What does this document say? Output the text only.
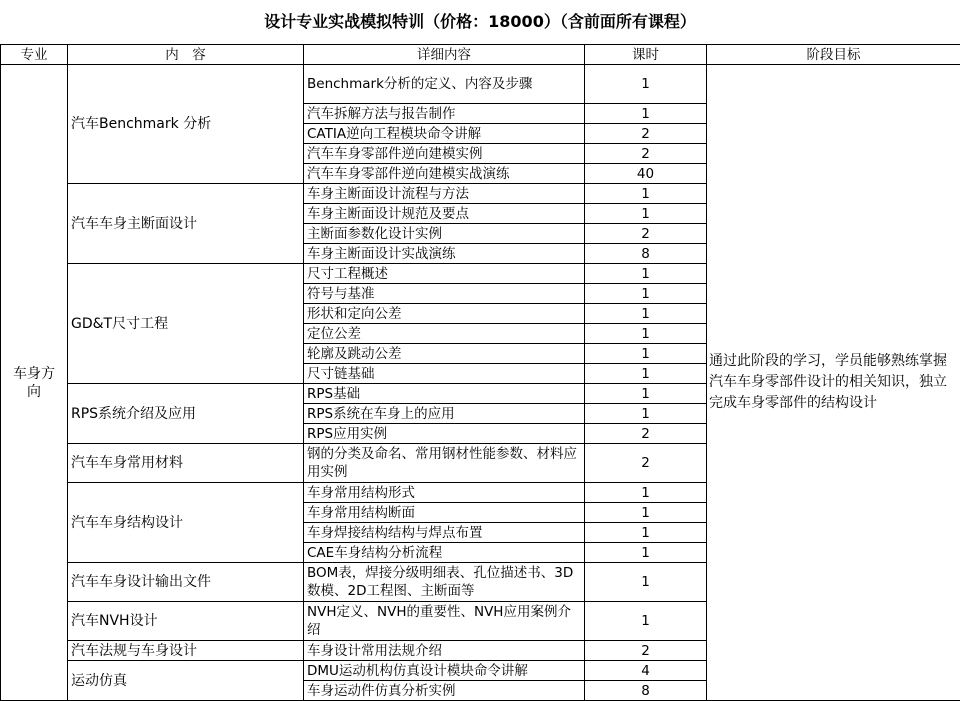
设计专业实战模拟特训（价格：18000）（含前面所有课程）
专业	内　容	详细内容	课时	阶段目标
车身方向	汽车Benchmark 分析	Benchmark分析的定义、内容及步骤	1	通过此阶段的学习，学员能够熟练掌握汽车车身零部件设计的相关知识，独立完成车身零部件的结构设计
		汽车拆解方法与报告制作	1	
		CATIA逆向工程模块命令讲解	2	
		汽车车身零部件逆向建模实例	2	
		汽车车身零部件逆向建模实战演练	40	
	汽车车身主断面设计	车身主断面设计流程与方法	1	
		车身主断面设计规范及要点	1	
		主断面参数化设计实例	2	
		车身主断面设计实战演练	8	
	GD&T尺寸工程	尺寸工程概述	1	
		符号与基准	1	
		形状和定向公差	1	
		定位公差	1	
		轮廓及跳动公差	1	
		尺寸链基础	1	
	RPS系统介绍及应用	RPS基础	1	
		RPS系统在车身上的应用	1	
		RPS应用实例	2	
	汽车车身常用材料	钢的分类及命名、常用钢材性能参数、材料应用实例	2	
	汽车车身结构设计	车身常用结构形式	1	
		车身常用结构断面	1	
		车身焊接结构结构与焊点布置	1	
		CAE车身结构分析流程	1	
	汽车车身设计输出文件	BOM表，焊接分级明细表、孔位描述书、3D数模、2D工程图、主断面等	1	
	汽车NVH设计	NVH定义、NVH的重要性、NVH应用案例介绍	1	
	汽车法规与车身设计	车身设计常用法规介绍	2	
	运动仿真	DMU运动机构仿真设计模块命令讲解	4	
		车身运动件仿真分析实例	8	
